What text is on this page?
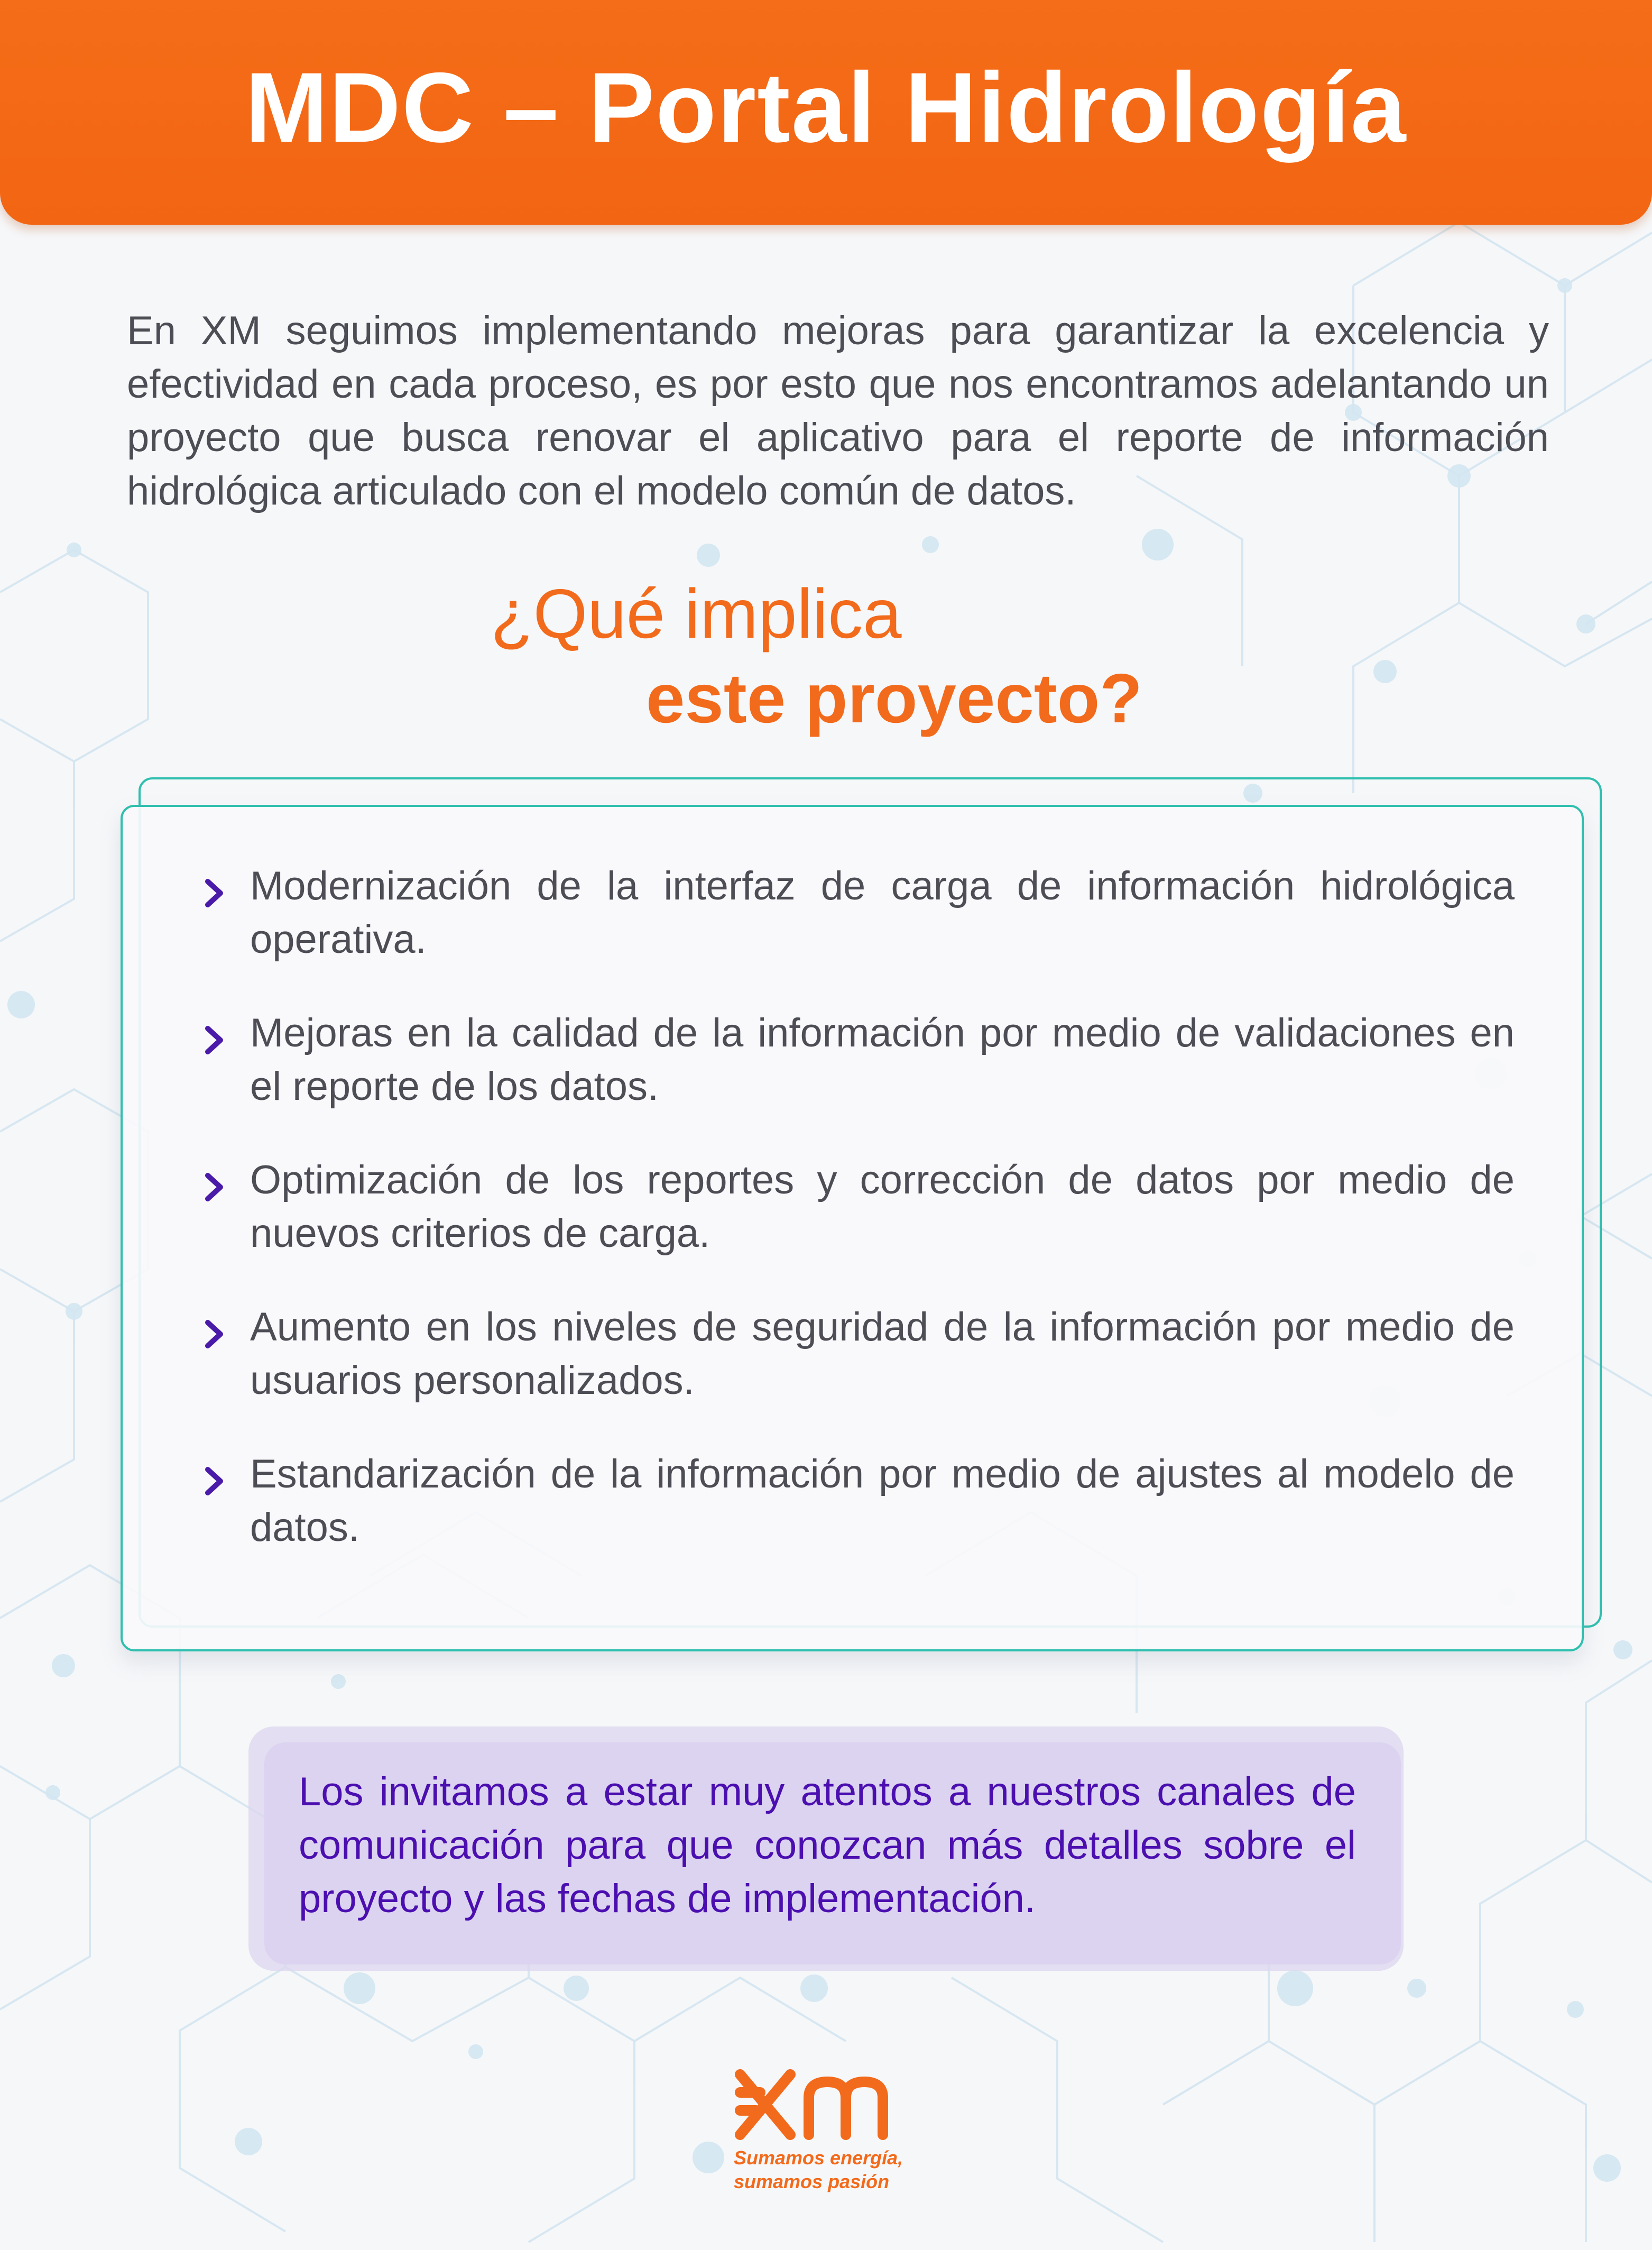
MDC – Portal Hidrología

En XM seguimos implementando mejoras para garantizar la excelencia y efectividad en cada proceso, es por esto que nos encontramos adelantando un proyecto que busca renovar el aplicativo para el reporte de información hidrológica articulado con el modelo común de datos.

¿Qué implica
este proyecto?
Modernización de la interfaz de carga de información hidrológica operativa.
Mejoras en la calidad de la información por medio de validaciones en el reporte de los datos.
Optimización de los reportes y corrección de datos por medio de nuevos criterios de carga.
Aumento en los niveles de seguridad de la información por medio de usuarios personalizados.
Estandarización de la información por medio de ajustes al modelo de datos.

Los invitamos a estar muy atentos a nuestros canales de comunicación para que conozcan más detalles sobre el proyecto y las fechas de implementación.

Sumamos energía,
sumamos pasión
